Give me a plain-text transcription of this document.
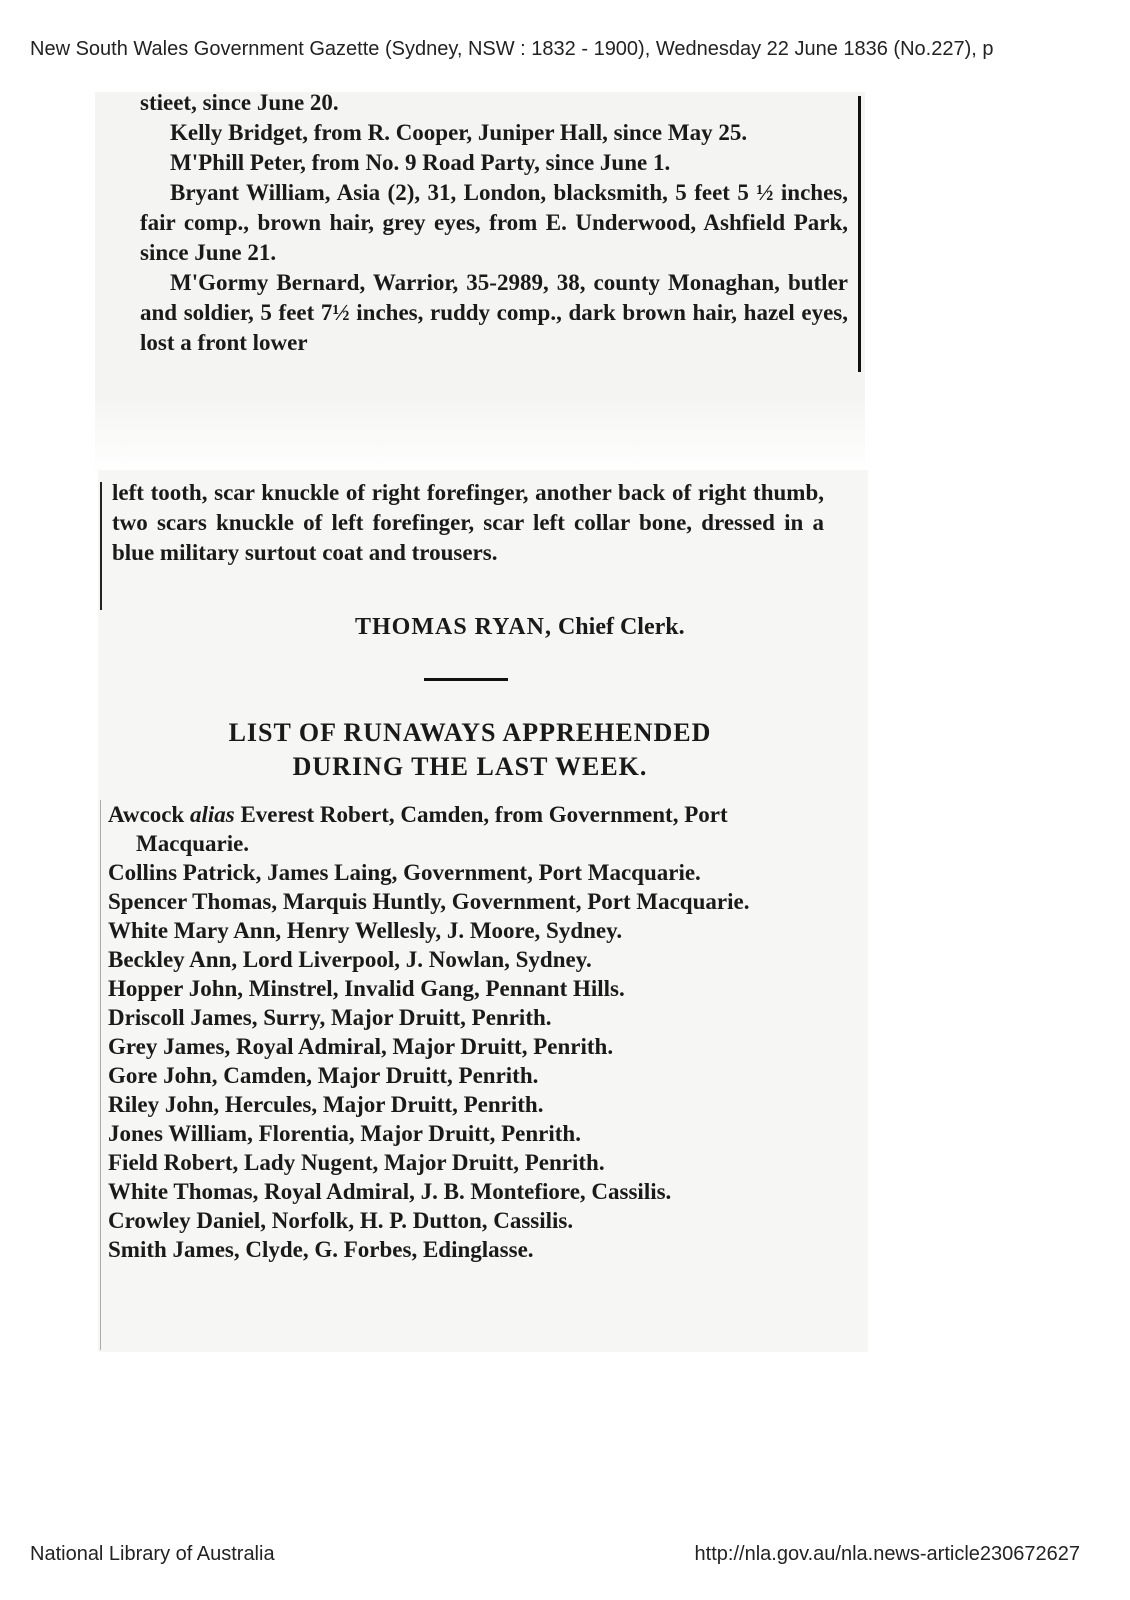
New South Wales Government Gazette (Sydney, NSW : 1832 - 1900), Wednesday 22 June 1836 (No.227), p

stieet, since June 20.

Kelly Bridget, from R. Cooper, Juniper Hall, since May 25.

M'Phill Peter, from No. 9 Road Party, since June 1.

Bryant William, Asia (2), 31, London, blacksmith, 5 feet 5 ½ inches, fair comp., brown hair, grey eyes, from E. Underwood, Ashfield Park, since June 21.

M'Gormy Bernard, Warrior, 35-2989, 38, county Monaghan, butler and soldier, 5 feet 7½ inches, ruddy comp., dark brown hair, hazel eyes, lost a front lower

left tooth, scar knuckle of right forefinger, another back of right thumb, two scars knuckle of left forefinger, scar left collar bone, dressed in a blue military surtout coat and trousers.

THOMAS RYAN, Chief Clerk.
LIST OF RUNAWAYS APPREHENDED
DURING THE LAST WEEK.
Awcock alias Everest Robert, Camden, from Government, Port Macquarie.
Collins Patrick, James Laing, Government, Port Macquarie.
Spencer Thomas, Marquis Huntly, Government, Port Macquarie.
White Mary Ann, Henry Wellesly, J. Moore, Sydney.
Beckley Ann, Lord Liverpool, J. Nowlan, Sydney.
Hopper John, Minstrel, Invalid Gang, Pennant Hills.
Driscoll James, Surry, Major Druitt, Penrith.
Grey James, Royal Admiral, Major Druitt, Penrith.
Gore John, Camden, Major Druitt, Penrith.
Riley John, Hercules, Major Druitt, Penrith.
Jones William, Florentia, Major Druitt, Penrith.
Field Robert, Lady Nugent, Major Druitt, Penrith.
White Thomas, Royal Admiral, J. B. Montefiore, Cassilis.
Crowley Daniel, Norfolk, H. P. Dutton, Cassilis.
Smith James, Clyde, G. Forbes, Edinglasse.
National Library of Australia	http://nla.gov.au/nla.news-article230672627
